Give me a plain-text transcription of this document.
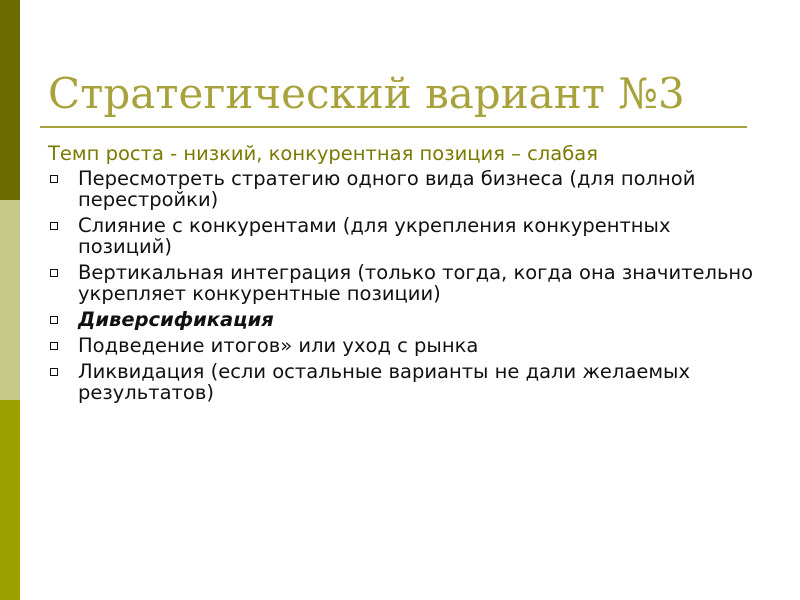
Стратегический вариант №3
Темп роста - низкий, конкурентная позиция – слабая
Пересмотреть стратегию одного вида бизнеса (для полной перестройки)
Слияние с конкурентами (для укрепления конкурентных позиций)
Вертикальная интеграция (только тогда, когда она значительно укрепляет конкурентные позиции)
Диверсификация
Подведение итогов» или уход с рынка
Ликвидация (если остальные варианты не дали желаемых результатов)
